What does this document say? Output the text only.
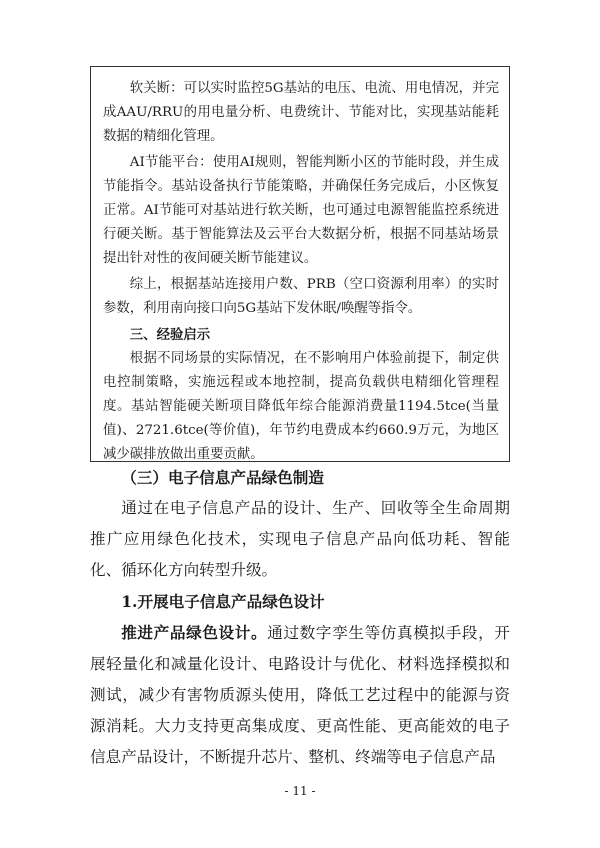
软关断：可以实时监控5G基站的电压、电流、用电情况，并完成AAU/RRU的用电量分析、电费统计、节能对比，实现基站能耗数据的精细化管理。

AI节能平台：使用AI规则，智能判断小区的节能时段，并生成节能指令。基站设备执行节能策略，并确保任务完成后，小区恢复正常。AI节能可对基站进行软关断，也可通过电源智能监控系统进行硬关断。基于智能算法及云平台大数据分析，根据不同基站场景提出针对性的夜间硬关断节能建议。

综上，根据基站连接用户数、PRB（空口资源利用率）的实时参数，利用南向接口向5G基站下发休眠/唤醒等指令。

三、经验启示

根据不同场景的实际情况，在不影响用户体验前提下，制定供电控制策略，实施远程或本地控制，提高负载供电精细化管理程度。基站智能硬关断项目降低年综合能源消费量1194.5tce(当量值)、2721.6tce(等价值)，年节约电费成本约660.9万元，为地区减少碳排放做出重要贡献。

（三）电子信息产品绿色制造

通过在电子信息产品的设计、生产、回收等全生命周期推广应用绿色化技术，实现电子信息产品向低功耗、智能化、循环化方向转型升级。

1.开展电子信息产品绿色设计

推进产品绿色设计。通过数字孪生等仿真模拟手段，开展轻量化和减量化设计、电路设计与优化、材料选择模拟和测试，减少有害物质源头使用，降低工艺过程中的能源与资源消耗。大力支持更高集成度、更高性能、更高能效的电子信息产品设计，不断提升芯片、整机、终端等电子信息产品

- 11 -
